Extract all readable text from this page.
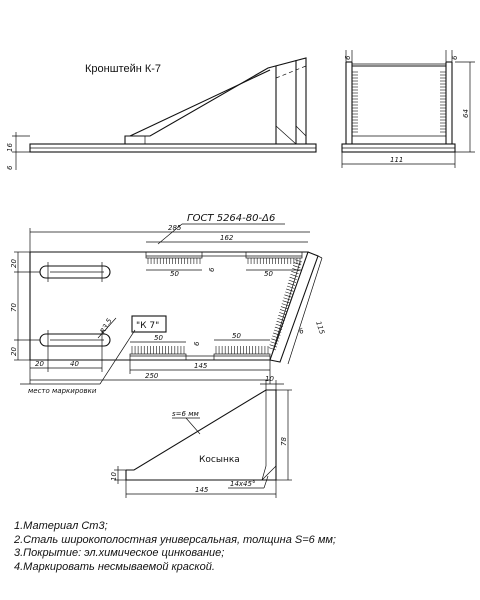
Кронштейн К-7
16
6
6	6
64
111
ГОСТ 5264-80-Δ6
285
162
50
6
50
50
6
50
20
70
20
R3,5 "К 7"
20	40	145
250
115
6
место маркировки
s=6 мм
Косынка
10
78
10
14х45°
145
1.Материал Ст3;
2.Сталь широкополостная универсальная, толщина S=6 мм;
3.Покрытие: эл.химическое цинкование;
4.Маркировать несмываемой краской.
